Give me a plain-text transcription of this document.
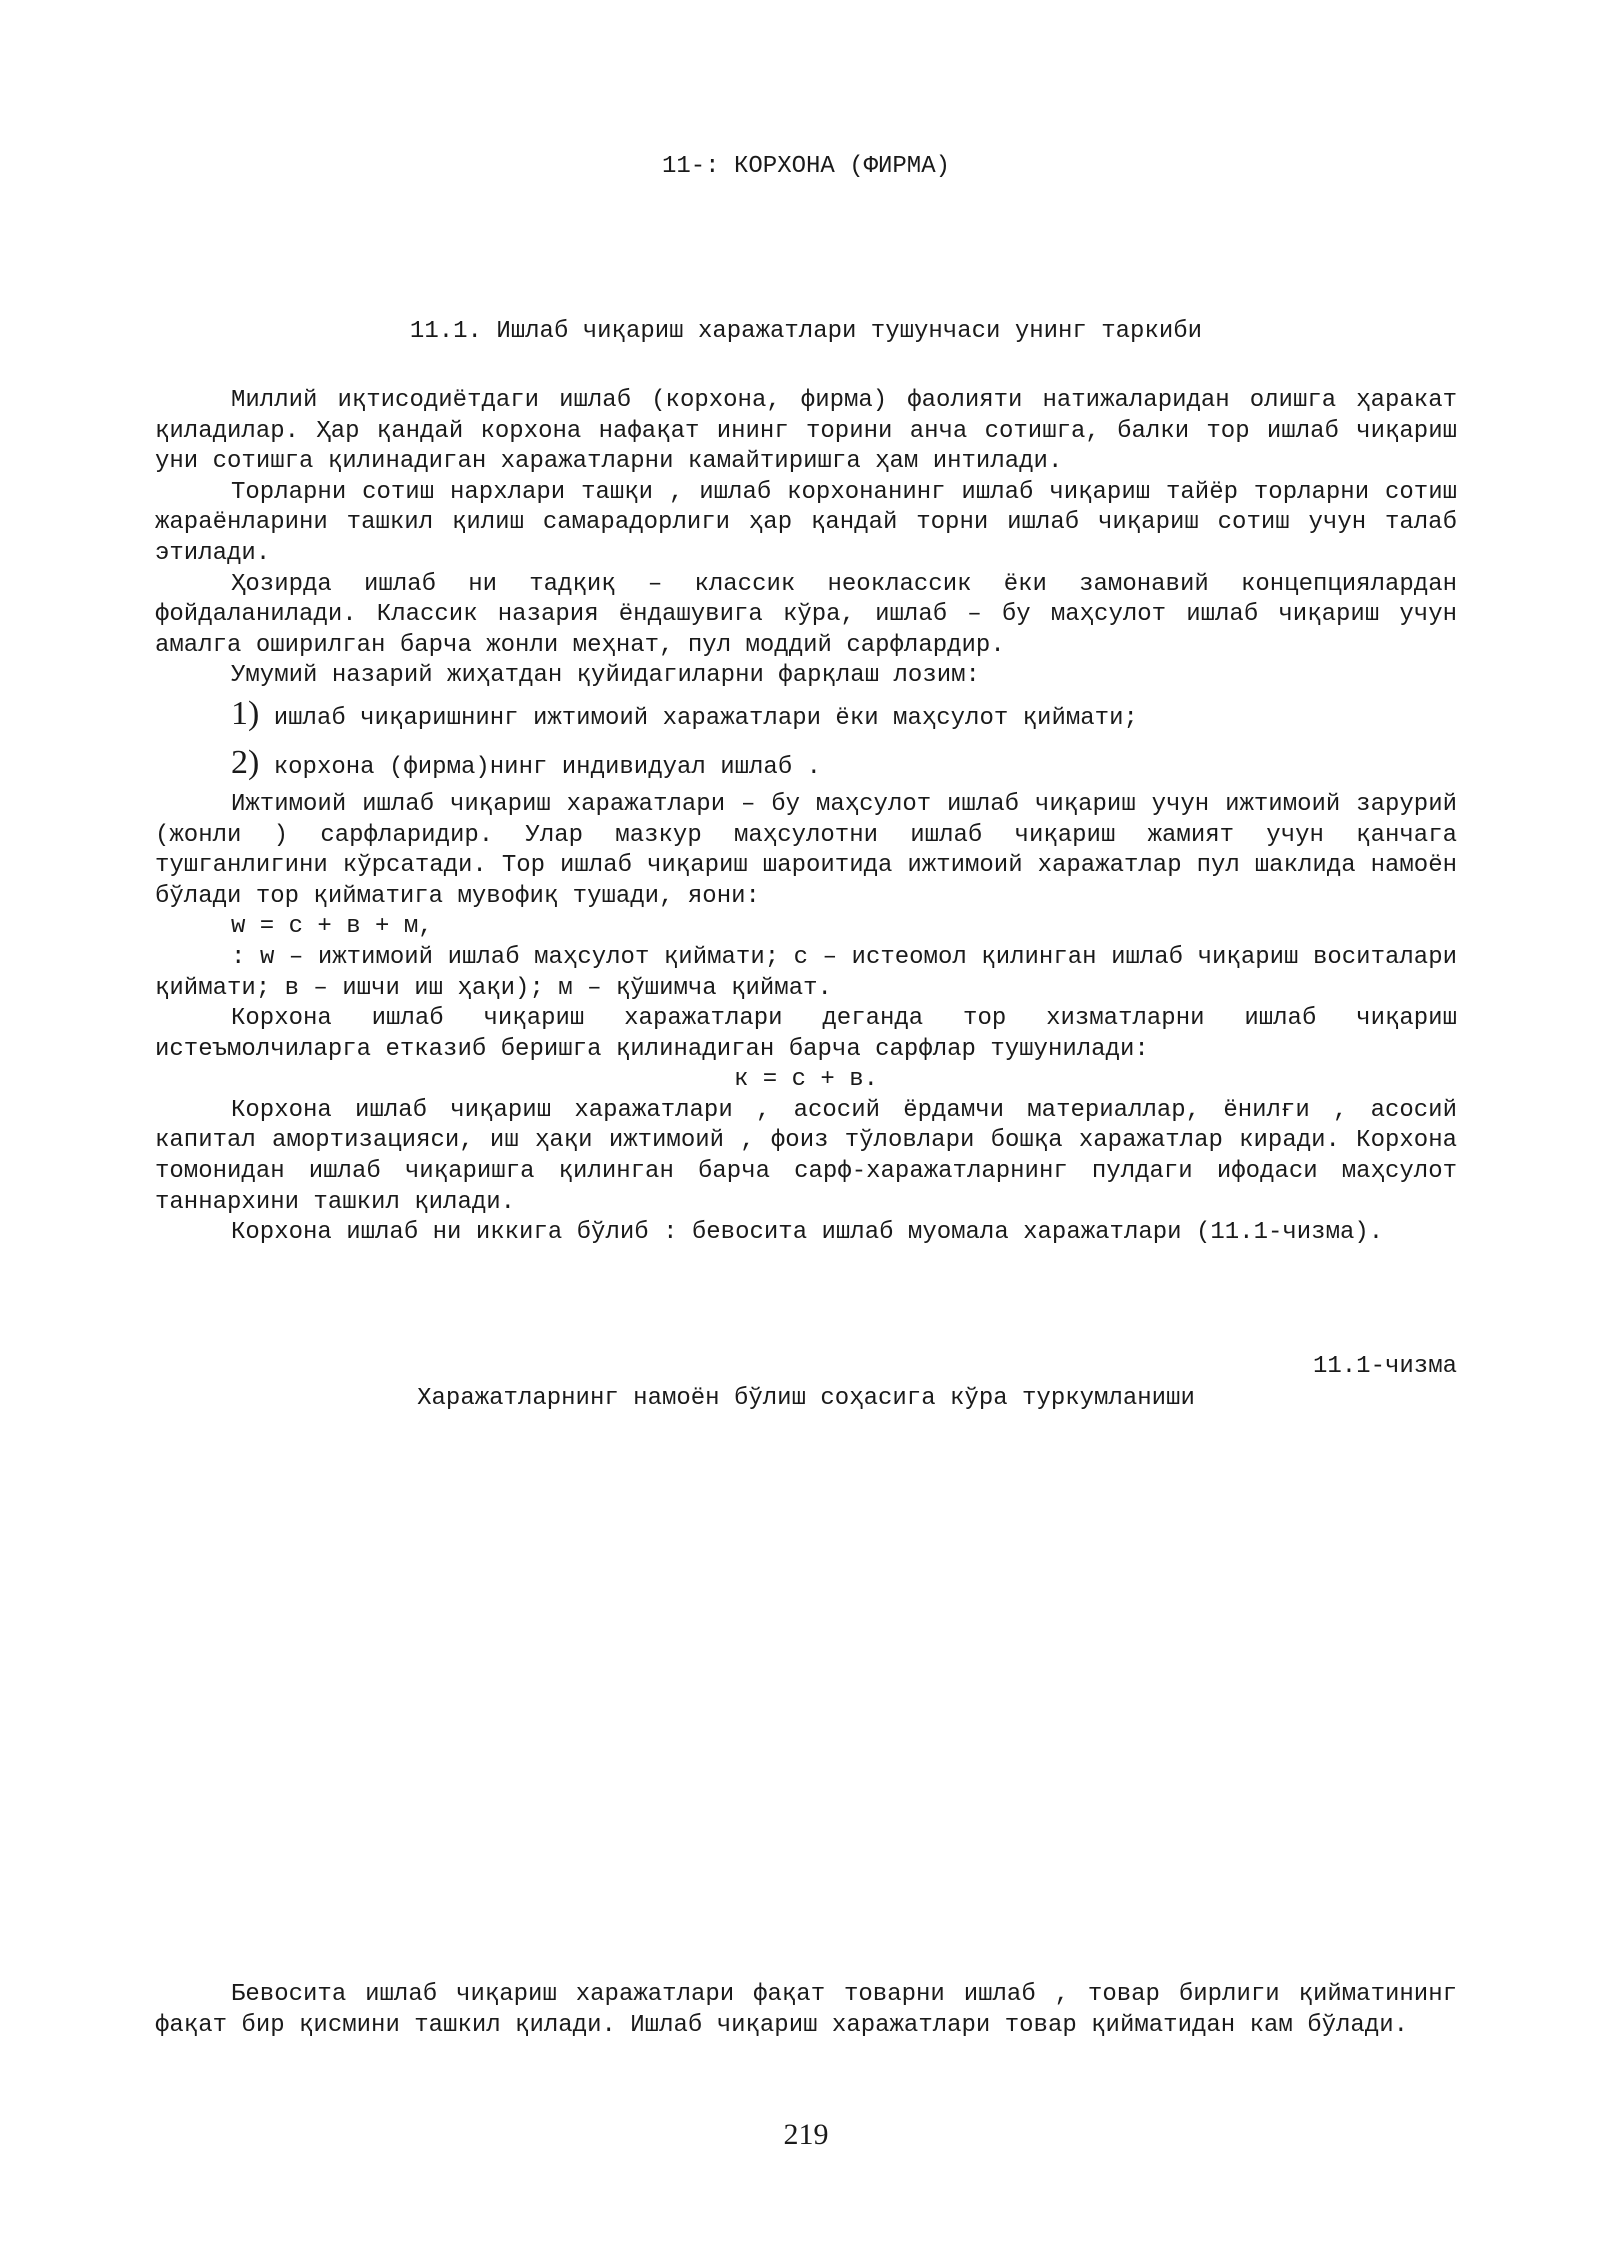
11-: КОРХОНА (ФИРМА)
11.1. Ишлаб чиқариш харажатлари тушунчаси унинг таркиби

Миллий иқтисодиётдаги ишлаб (корхона, фирма) фаолияти натижаларидан олишга ҳаракат қиладилар. Ҳар қандай корхона нафақат ининг торини анча сотишга, балки тор ишлаб чиқариш уни сотишга қилинадиган харажатларни камайтиришга ҳам интилади.

Торларни сотиш нархлари ташқи , ишлаб корхонанинг ишлаб чиқариш тайёр торларни сотиш жараёнларини ташкил қилиш самарадорлиги ҳар қандай торни ишлаб чиқариш сотиш учун талаб этилади.

Ҳозирда ишлаб ни тадқиқ – классик неоклассик ёки замонавий концепциялардан фойдаланилади. Классик назария ёндашувига кўра, ишлаб – бу маҳсулот ишлаб чиқариш учун амалга оширилган барча жонли меҳнат, пул моддий сарфлардир.

Умумий назарий жиҳатдан қуйидагиларни фарқлаш лозим:

1) ишлаб чиқаришнинг ижтимоий харажатлари ёки маҳсулот қиймати;

2) корхона (фирма)нинг индивидуал ишлаб .

Ижтимоий ишлаб чиқариш харажатлари – бу маҳсулот ишлаб чиқариш учун ижтимоий зарурий (жонли ) сарфларидир. Улар мазкур маҳсулотни ишлаб чиқариш жамият учун қанчага тушганлигини кўрсатади. Тор ишлаб чиқариш шароитида ижтимоий харажатлар пул шаклида намоён бўлади тор қийматига мувофиқ тушади, яони:

w = c + в + м,

: w – ижтимоий ишлаб маҳсулот қиймати; с – истеомол қилинган ишлаб чиқариш воситалари қиймати; в – ишчи иш ҳақи); м – қўшимча қиймат.

Корхона ишлаб чиқариш харажатлари деганда тор хизматларни ишлаб чиқариш истеъмолчиларга етказиб беришга қилинадиган барча сарфлар тушунилади:

к = с + в.

Корхона ишлаб чиқариш харажатлари , асосий ёрдамчи материаллар, ёнилғи , асосий капитал амортизацияси, иш ҳақи ижтимоий , фоиз тўловлари бошқа харажатлар киради. Корхона томонидан ишлаб чиқаришга қилинган барча сарф-харажатларнинг пулдаги ифодаси маҳсулот таннархини ташкил қилади.

Корхона ишлаб ни иккига бўлиб : бевосита ишлаб муомала харажатлари (11.1-чизма).

11.1-чизма
Харажатларнинг намоён бўлиш соҳасига кўра туркумланиши

Бевосита ишлаб чиқариш харажатлари фақат товарни ишлаб , товар бирлиги қийматининг фақат бир қисмини ташкил қилади. Ишлаб чиқариш харажатлари товар қийматидан кам бўлади.

219
